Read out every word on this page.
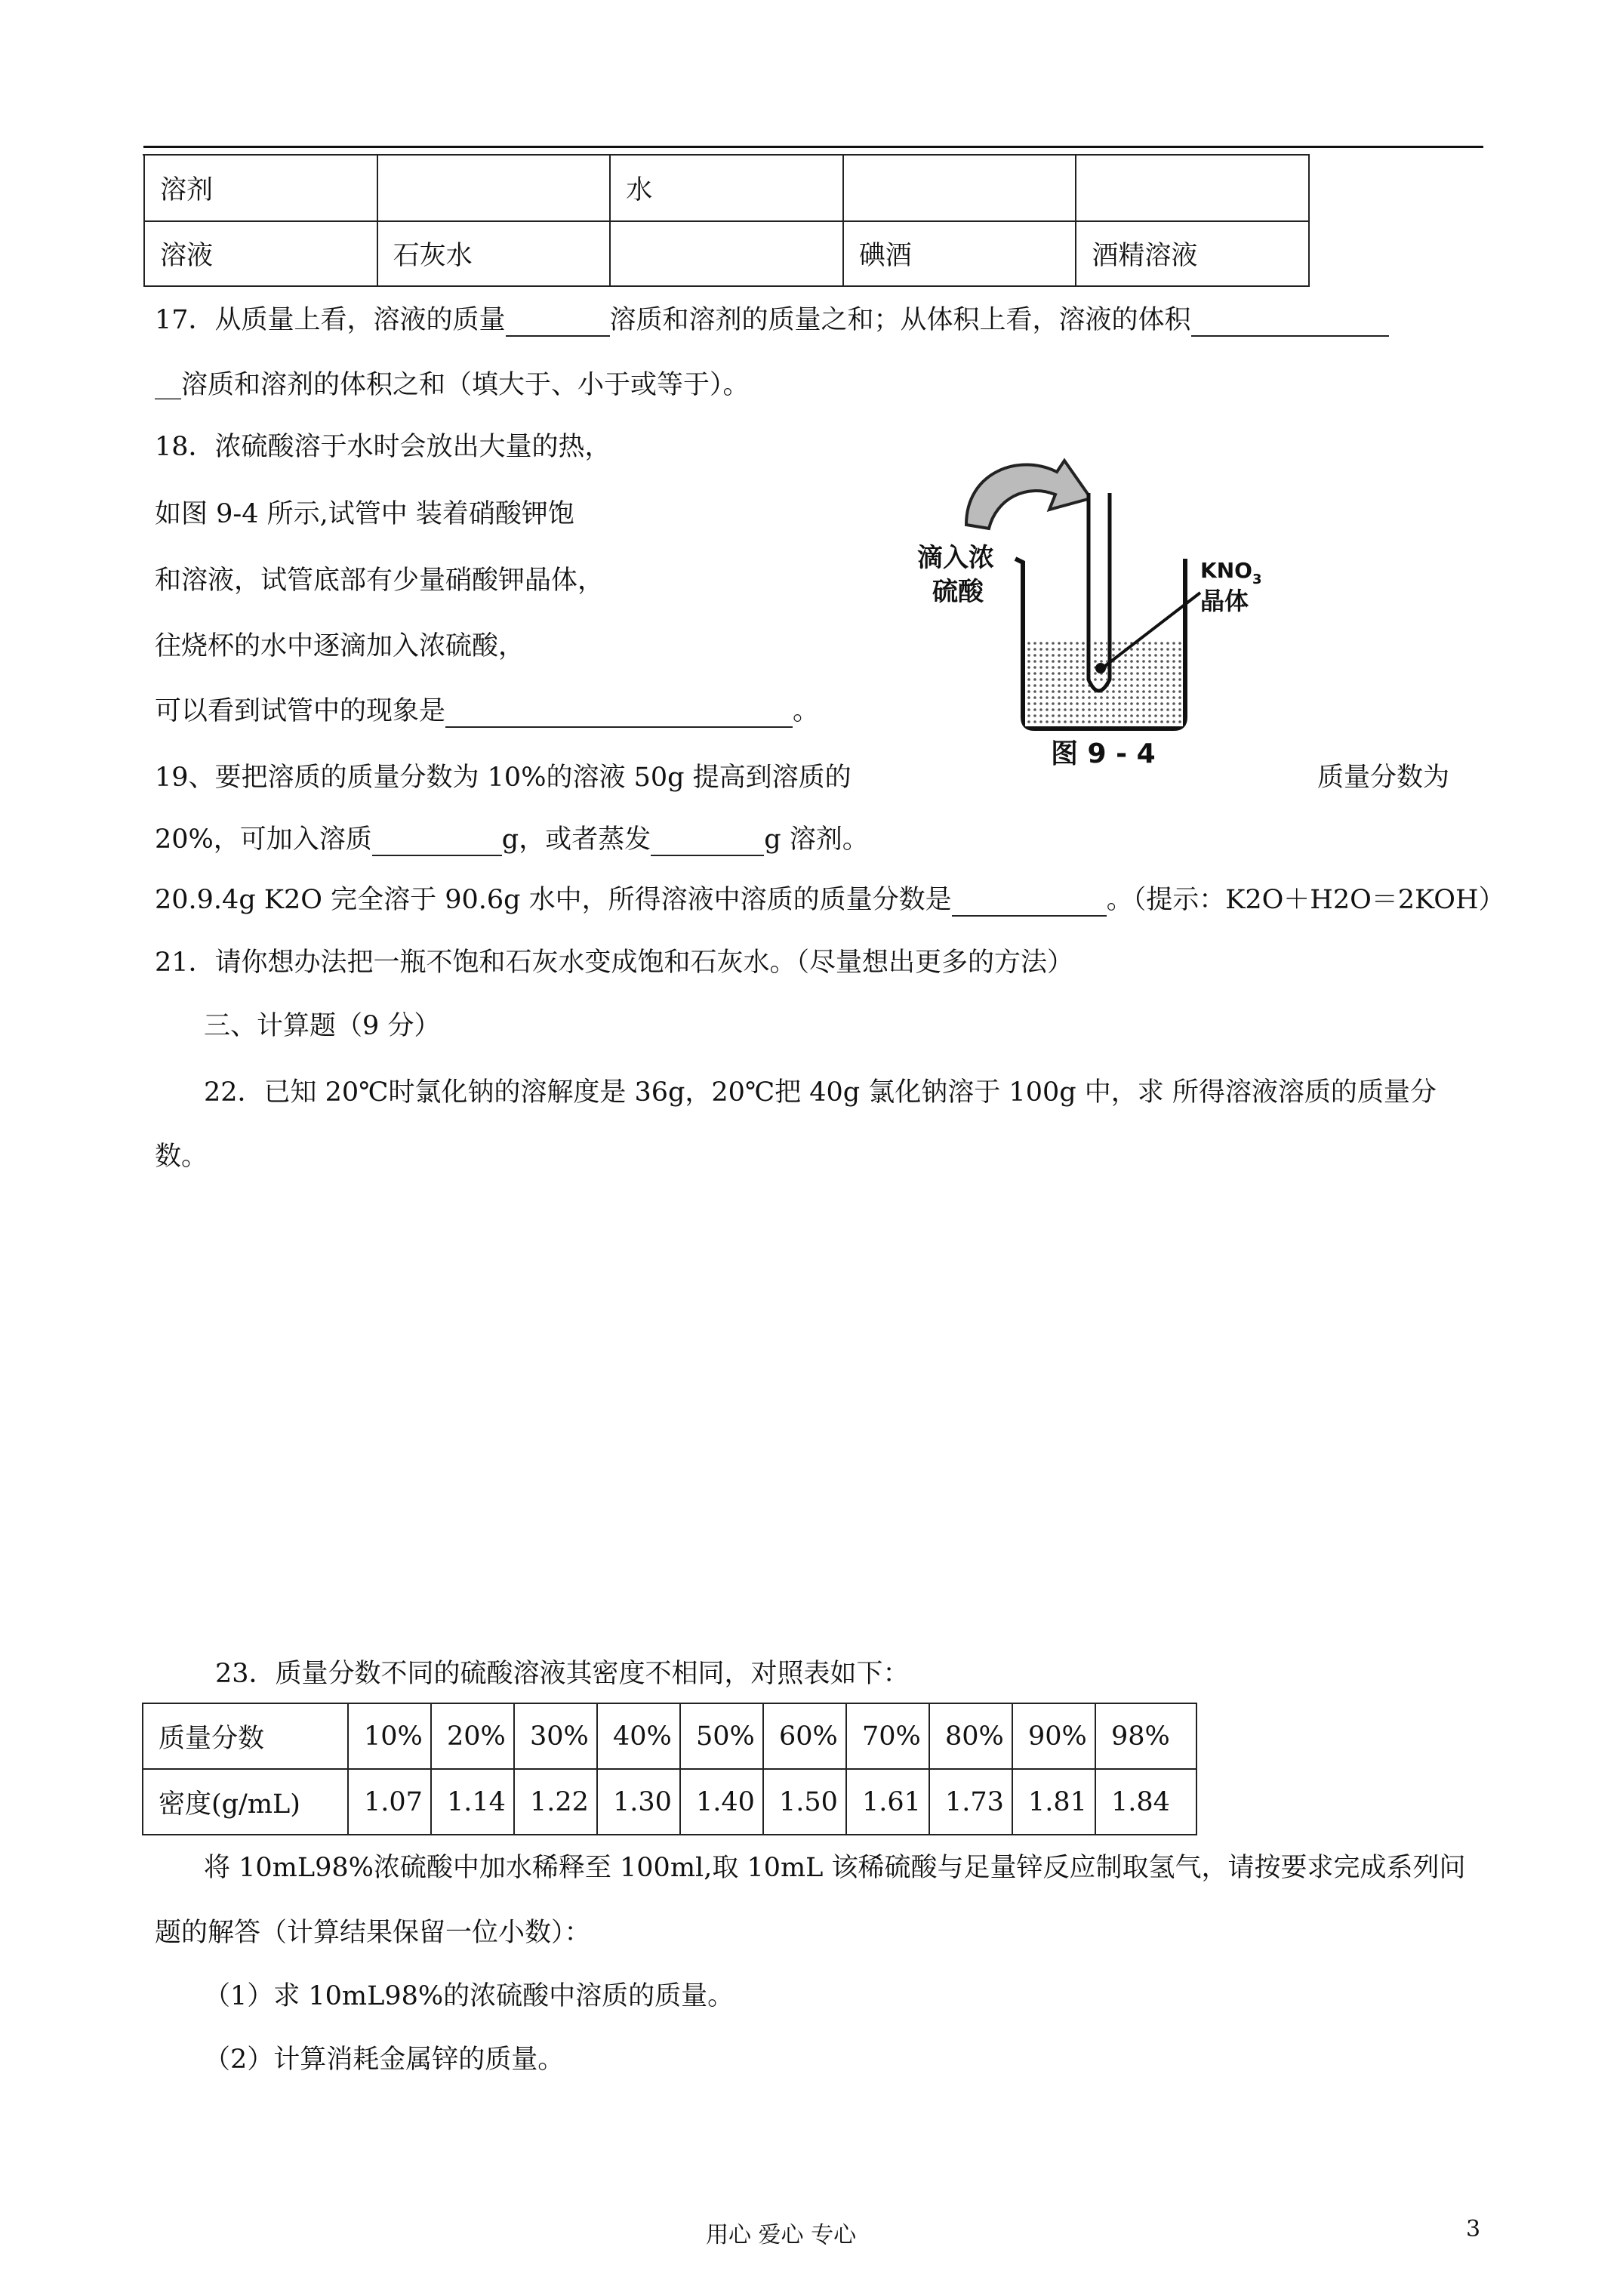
溶剂		水		
溶液	石灰水		碘酒	酒精溶液
17．从质量上看，溶液的质量	溶质和溶剂的质量之和；从体积上看，溶液的体积
__溶质和溶剂的体积之和（填大于、小于或等于）。
18．浓硫酸溶于水时会放出大量的热，
如图 9-4 所示,试管中 装着硝酸钾饱
和溶液，试管底部有少量硝酸钾晶体，
往烧杯的水中逐滴加入浓硫酸，
可以看到试管中的现象是	。
滴入浓
硫酸
$KNO_3$
晶体
图 9 - 4
19、要把溶质的质量分数为 10%的溶液 50g 提高到溶质的	质量分数为
20%，可加入溶质	g，或者蒸发	g 溶剂。
20.9.4g K2O 完全溶于 90.6g 水中，所得溶液中溶质的质量分数是	。（提示：K2O＋H2O＝2KOH）
21．请你想办法把一瓶不饱和石灰水变成饱和石灰水。（尽量想出更多的方法）
三、计算题（9 分）
22．已知 20℃时氯化钠的溶解度是 36g，20℃把 40g 氯化钠溶于 100g 中，求 所得溶液溶质的质量分
数。
23．质量分数不同的硫酸溶液其密度不相同，对照表如下：
质量分数	10%	20%	30%	40%	50%	60%	70%	80%	90%	98%
密度(g/mL)	1.07	1.14	1.22	1.30	1.40	1.50	1.61	1.73	1.81	1.84
将 10mL98%浓硫酸中加水稀释至 100ml,取 10mL 该稀硫酸与足量锌反应制取氢气，请按要求完成系列问
题的解答（计算结果保留一位小数）：
（1）求 10mL98%的浓硫酸中溶质的质量。
（2）计算消耗金属锌的质量。
用心 爱心 专心	3
